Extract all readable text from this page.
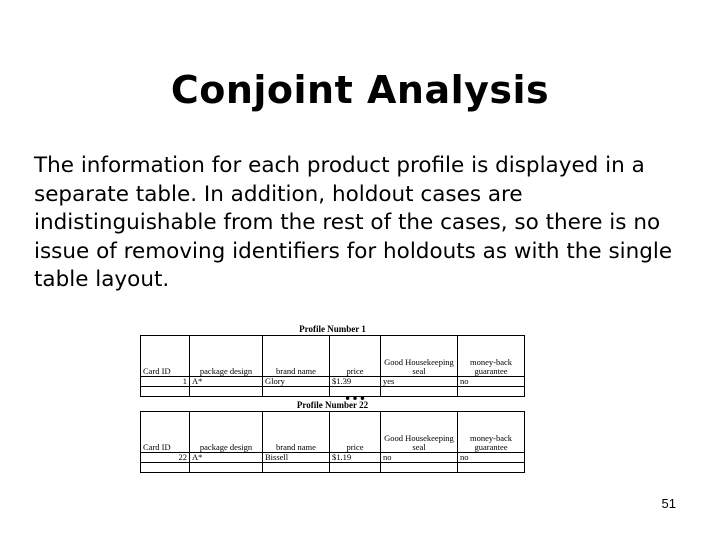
Conjoint Analysis
The information for each product profile is displayed in a separate table. In addition, holdout cases are indistinguishable from the rest of the cases, so there is no issue of removing identifiers for holdouts as with the single table layout.
Profile Number 1
Card ID	package design	brand name	price	Good Housekeeping seal	money-back guarantee
1	A*	Glory	$1.39	yes	no

…
Profile Number 22
Card ID	package design	brand name	price	Good Housekeeping seal	money-back guarantee
22	A*	Bissell	$1.19	no	no

51
